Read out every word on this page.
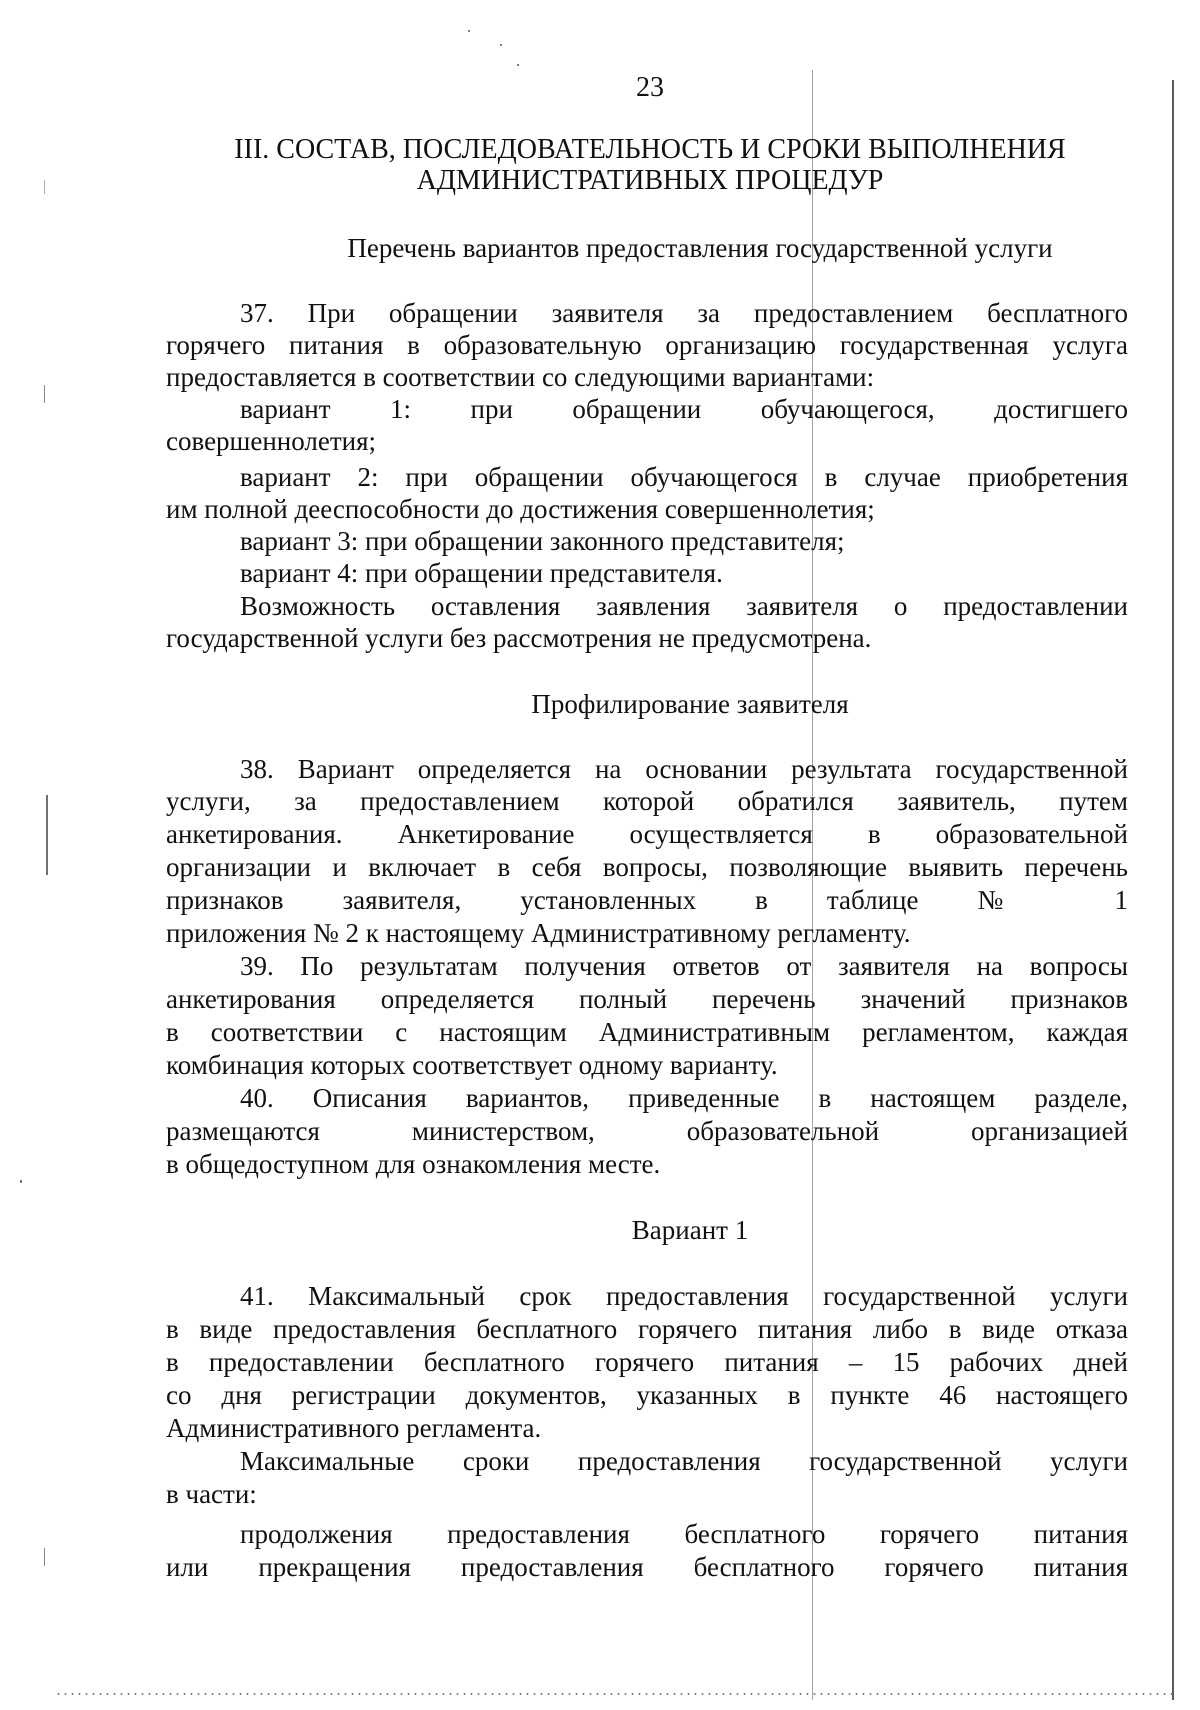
23
III. СОСТАВ, ПОСЛЕДОВАТЕЛЬНОСТЬ И СРОКИ ВЫПОЛНЕНИЯ
АДМИНИСТРАТИВНЫХ ПРОЦЕДУР
Перечень вариантов предоставления государственной услуги
37. При обращении заявителя за предоставлением бесплатного
горячего питания в образовательную организацию государственная услуга
предоставляется в соответствии со следующими вариантами:
вариант 1: при обращении обучающегося, достигшего
совершеннолетия;
вариант 2: при обращении обучающегося в случае приобретения
им полной дееспособности до достижения совершеннолетия;
вариант 3: при обращении законного представителя;
вариант 4: при обращении представителя.
Возможность оставления заявления заявителя о предоставлении
государственной услуги без рассмотрения не предусмотрена.
Профилирование заявителя
38. Вариант определяется на основании результата государственной
услуги, за предоставлением которой обратился заявитель, путем
анкетирования. Анкетирование осуществляется в образовательной
организации и включает в себя вопросы, позволяющие выявить перечень
признаков заявителя, установленных в таблице № 1
приложения № 2 к настоящему Административному регламенту.
39. По результатам получения ответов от заявителя на вопросы
анкетирования определяется полный перечень значений признаков
в соответствии с настоящим Административным регламентом, каждая
комбинация которых соответствует одному варианту.
40. Описания вариантов, приведенные в настоящем разделе,
размещаются министерством, образовательной организацией
в общедоступном для ознакомления месте.
Вариант 1
41. Максимальный срок предоставления государственной услуги
в виде предоставления бесплатного горячего питания либо в виде отказа
в предоставлении бесплатного горячего питания – 15 рабочих дней
со дня регистрации документов, указанных в пункте 46 настоящего
Административного регламента.
Максимальные сроки предоставления государственной услуги
в части:
продолжения предоставления бесплатного горячего питания
или прекращения предоставления бесплатного горячего питания
